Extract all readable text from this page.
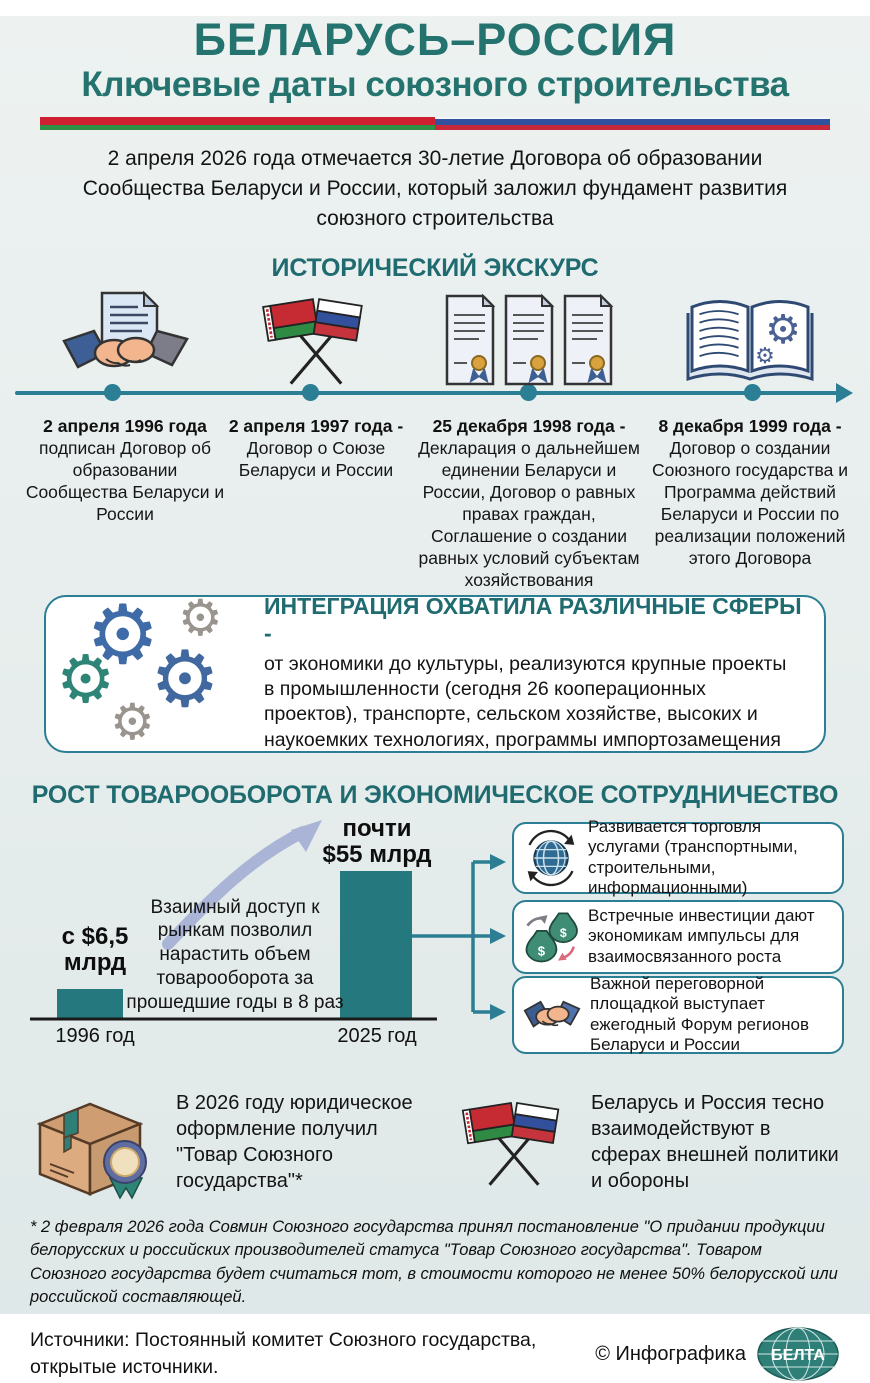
БЕЛАРУСЬ–РОССИЯ
Ключевые даты союзного строительства
2 апреля 2026 года отмечается 30-летие Договора об образовании Сообщества Беларуси и России, который заложил фундамент развития союзного строительства
ИСТОРИЧЕСКИЙ ЭКСКУРС
2 апреля 1996 года
подписан Договор об образовании Сообщества Беларуси и России
2 апреля 1997 года -
Договор о Союзе Беларуси и России
25 декабря 1998 года -
Декларация о дальнейшем единении Беларуси и России, Договор о равных правах граждан, Соглашение о создании равных условий субъектам хозяйствования
⚙
⚙
8 декабря 1999 года -
Договор о создании Союзного государства и Программа действий Беларуси и России по реализации положений этого Договора
⚙ ⚙
⚙ ⚙
⚙
ИНТЕГРАЦИЯ ОХВАТИЛА РАЗЛИЧНЫЕ СФЕРЫ -
от экономики до культуры, реализуются крупные проекты в промышленности (сегодня 26 кооперационных проектов), транспорте, сельском хозяйстве, высоких и наукоемких технологиях, программы импортозамещения
РОСТ ТОВАРООБОРОТА И ЭКОНОМИЧЕСКОЕ СОТРУДНИЧЕСТВО
почти
$55 млрд
с $6,5
млрд
Взаимный доступ к рынкам позволил нарастить объем товарооборота за прошедшие годы в 8 раз
1996 год	2025 год
Развивается торговля услугами (транспортными, строительными, информационными)
$
$
Встречные инвестиции дают экономикам импульсы для взаимосвязанного роста
Важной переговорной площадкой выступает ежегодный Форум регионов Беларуси и России
В 2026 году юридическое оформление получил "Товар Союзного государства"*
Беларусь и Россия тесно взаимодействуют в сферах внешней политики и обороны
* 2 февраля 2026 года Совмин Союзного государства принял постановление "О придании продукции белорусских и российских производителей статуса "Товар Союзного государства". Товаром Союзного государства будет считаться тот, в стоимости которого не менее 50% белорусской или российской составляющей.
Источники: Постоянный комитет Союзного государства,
открытые источники.
© Инфографика БЕЛТА
